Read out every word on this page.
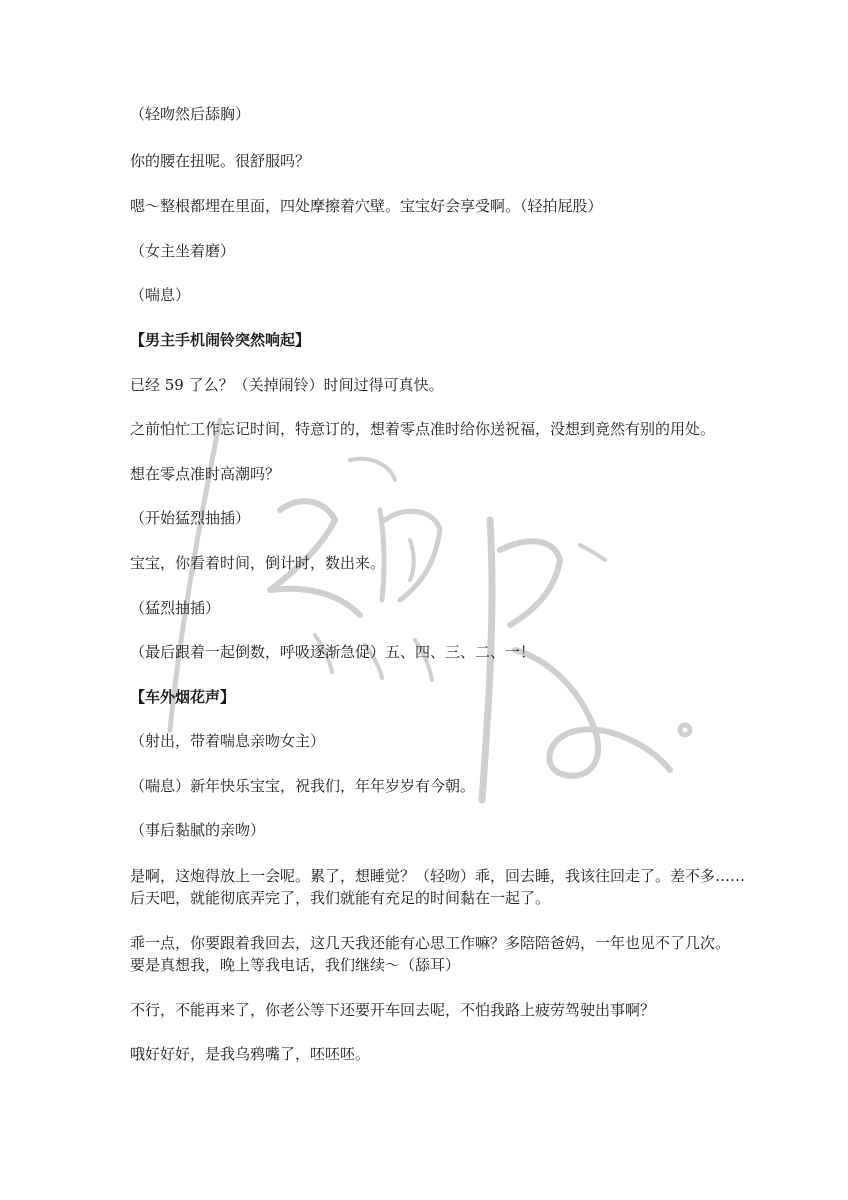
（轻吻然后舔胸）
你的腰在扭呢。很舒服吗？
嗯～整根都埋在里面，四处摩擦着穴壁。宝宝好会享受啊。（轻拍屁股）
（女主坐着磨）
（喘息）
【男主手机闹铃突然响起】
已经 59 了么？（关掉闹铃）时间过得可真快。
之前怕忙工作忘记时间，特意订的，想着零点准时给你送祝福，没想到竟然有别的用处。
想在零点准时高潮吗？
（开始猛烈抽插）
宝宝，你看着时间，倒计时，数出来。
（猛烈抽插）
（最后跟着一起倒数，呼吸逐渐急促）五、四、三、二、一！
【车外烟花声】
（射出，带着喘息亲吻女主）
（喘息）新年快乐宝宝，祝我们，年年岁岁有今朝。
（事后黏腻的亲吻）
是啊，这炮得放上一会呢。累了，想睡觉？（轻吻）乖，回去睡，我该往回走了。差不多……
后天吧，就能彻底弄完了，我们就能有充足的时间黏在一起了。
乖一点，你要跟着我回去，这几天我还能有心思工作嘛？多陪陪爸妈，一年也见不了几次。
要是真想我，晚上等我电话，我们继续～（舔耳）
不行，不能再来了，你老公等下还要开车回去呢，不怕我路上疲劳驾驶出事啊？
哦好好好，是我乌鸦嘴了，呸呸呸。
